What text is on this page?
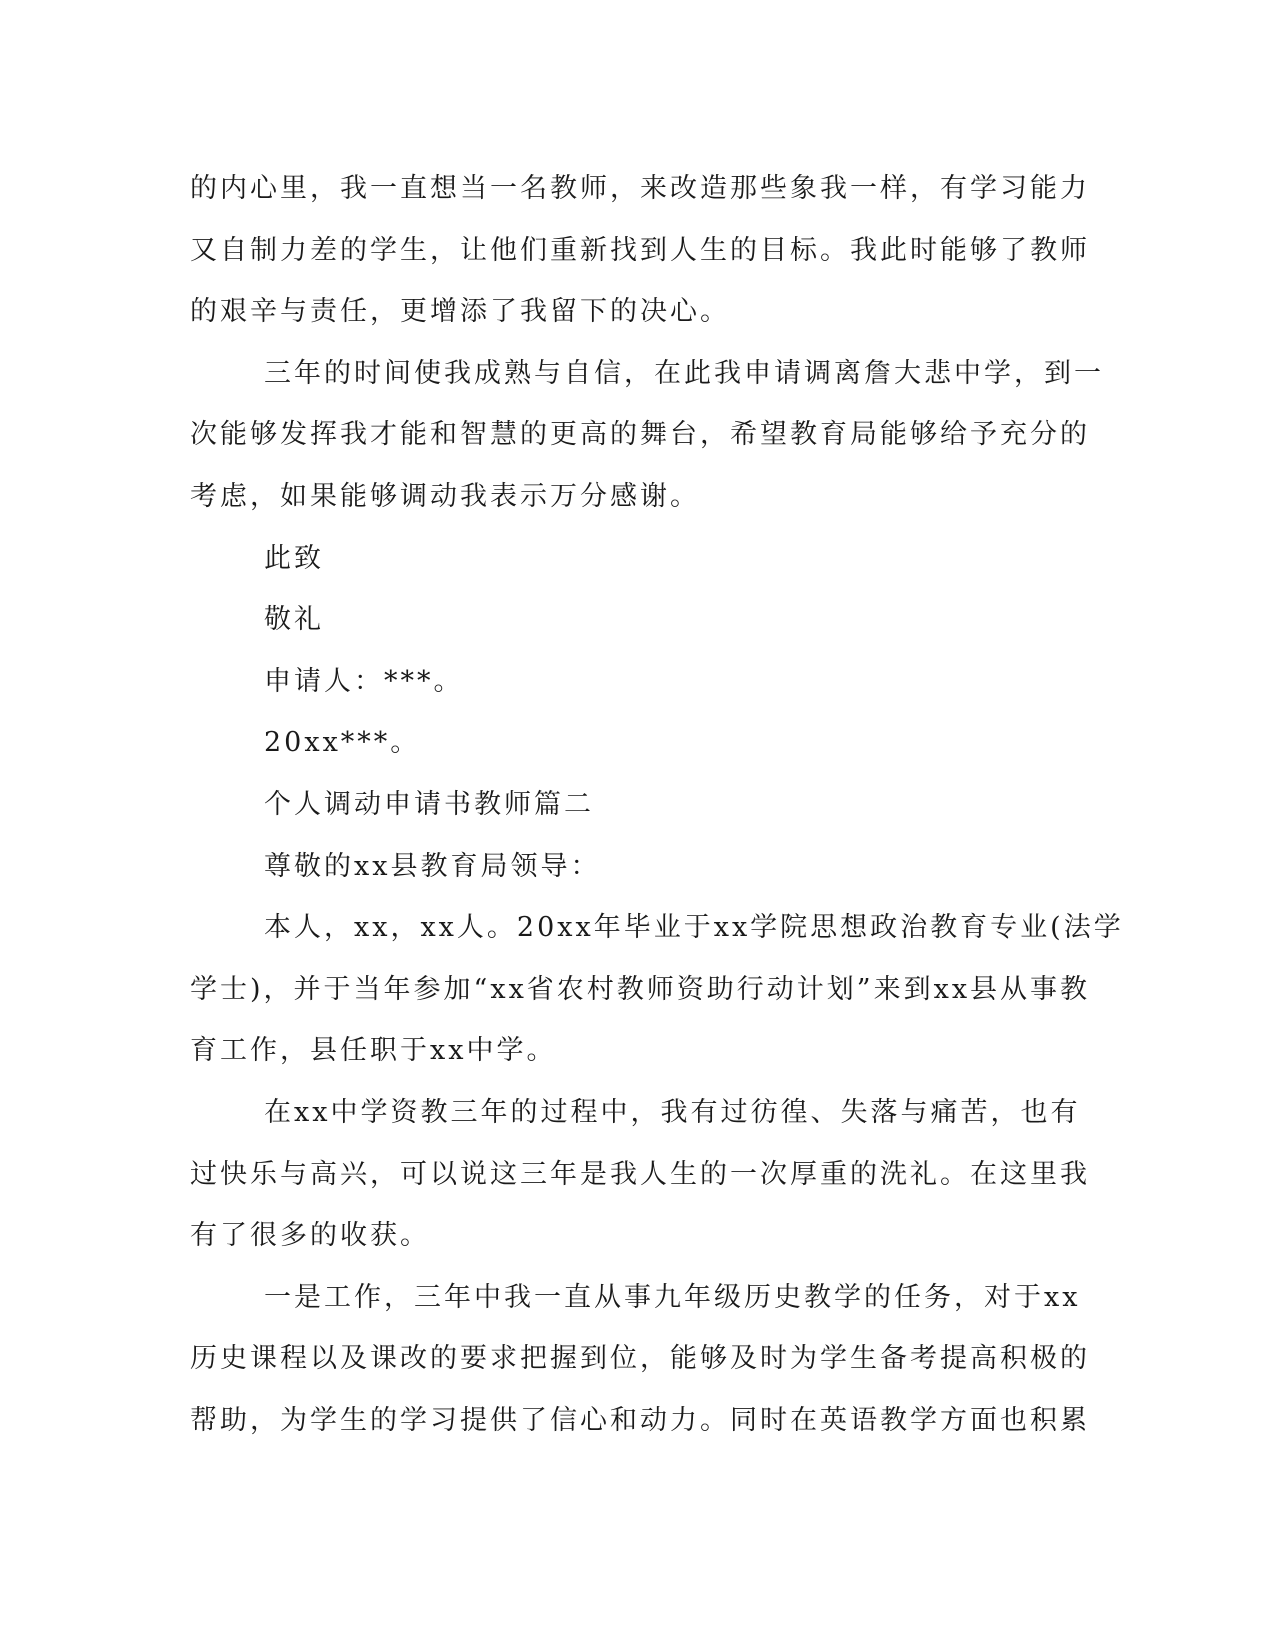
的内心里，我一直想当一名教师，来改造那些象我一样，有学习能力
又自制力差的学生，让他们重新找到人生的目标。我此时能够了教师
的艰辛与责任，更增添了我留下的决心。
三年的时间使我成熟与自信，在此我申请调离詹大悲中学，到一
次能够发挥我才能和智慧的更高的舞台，希望教育局能够给予充分的
考虑，如果能够调动我表示万分感谢。
此致
敬礼
申请人：***。
20xx***。
个人调动申请书教师篇二
尊敬的xx县教育局领导：
本人，xx，xx人。20xx年毕业于xx学院思想政治教育专业(法学
学士)，并于当年参加“xx省农村教师资助行动计划”来到xx县从事教
育工作，县任职于xx中学。
在xx中学资教三年的过程中，我有过彷徨、失落与痛苦，也有
过快乐与高兴，可以说这三年是我人生的一次厚重的洗礼。在这里我
有了很多的收获。
一是工作，三年中我一直从事九年级历史教学的任务，对于xx
历史课程以及课改的要求把握到位，能够及时为学生备考提高积极的
帮助，为学生的学习提供了信心和动力。同时在英语教学方面也积累
